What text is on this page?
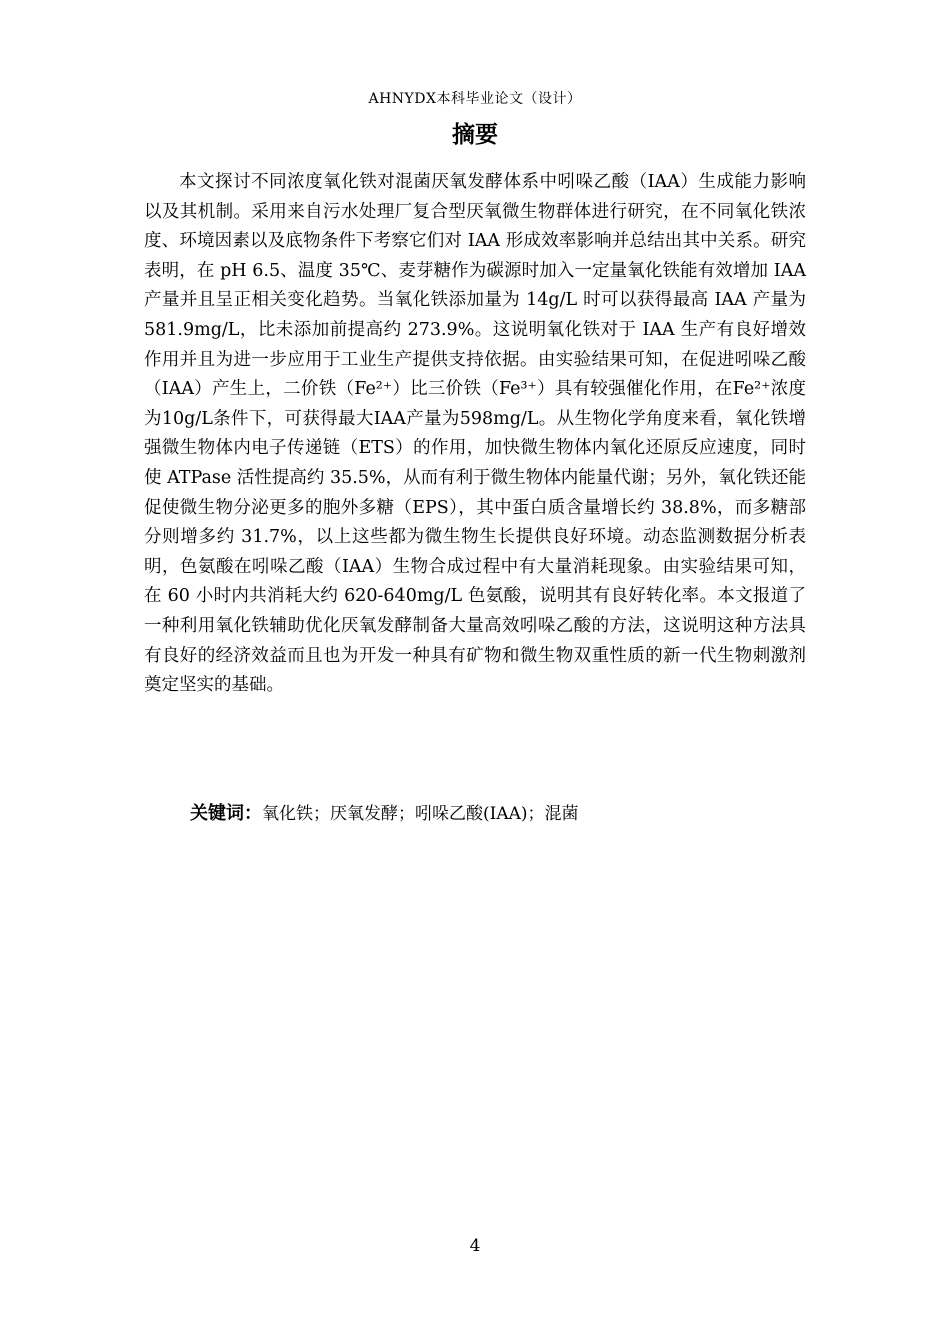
AHNYDX本科毕业论文（设计）
摘要

本文探讨不同浓度氧化铁对混菌厌氧发酵体系中吲哚乙酸（IAA）生成能力影响以及其机制。采用来自污水处理厂复合型厌氧微生物群体进行研究，在不同氧化铁浓度、环境因素以及底物条件下考察它们对 IAA 形成效率影响并总结出其中关系。研究表明，在 pH 6.5、温度 35℃、麦芽糖作为碳源时加入一定量氧化铁能有效增加 IAA 产量并且呈正相关变化趋势。当氧化铁添加量为 14g/L 时可以获得最高 IAA 产量为 581.9mg/L，比未添加前提高约 273.9%。这说明氧化铁对于 IAA 生产有良好增效作用并且为进一步应用于工业生产提供支持依据。由实验结果可知，在促进吲哚乙酸（IAA）产生上，二价铁（Fe²⁺）比三价铁（Fe³⁺）具有较强催化作用，在Fe²⁺浓度为10g/L条件下，可获得最大IAA产量为598mg/L。从生物化学角度来看，氧化铁增强微生物体内电子传递链（ETS）的作用，加快微生物体内氧化还原反应速度，同时使 ATPase 活性提高约 35.5%，从而有利于微生物体内能量代谢；另外，氧化铁还能促使微生物分泌更多的胞外多糖（EPS），其中蛋白质含量增长约 38.8%，而多糖部分则增多约 31.7%，以上这些都为微生物生长提供良好环境。动态监测数据分析表明，色氨酸在吲哚乙酸（IAA）生物合成过程中有大量消耗现象。由实验结果可知，在 60 小时内共消耗大约 620-640mg/L 色氨酸，说明其有良好转化率。本文报道了一种利用氧化铁辅助优化厌氧发酵制备大量高效吲哚乙酸的方法，这说明这种方法具有良好的经济效益而且也为开发一种具有矿物和微生物双重性质的新一代生物刺激剂奠定坚实的基础。

关键词：氧化铁；厌氧发酵；吲哚乙酸(IAA)；混菌
4
